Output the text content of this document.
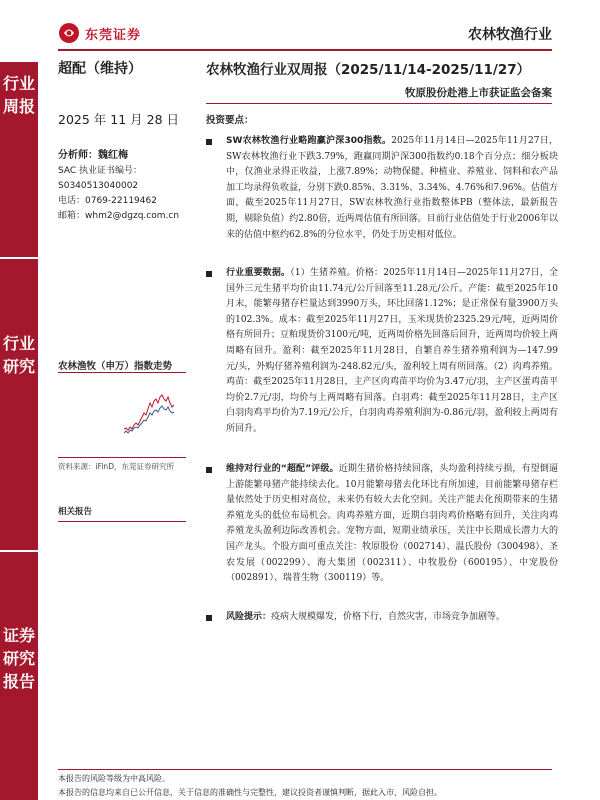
东莞证券	农林牧渔行业
行业周报
行业研究
证券研究报告
超配（维持）	农林牧渔行业双周报（2025/11/14-2025/11/27）
牧原股份赴港上市获证监会备案
2025 年 11 月 28 日
分析师：魏红梅
SAC 执业证书编号：
S0340513040002
电话：0769-22119462
邮箱：whm2@dgzq.com.cn
农林渔牧（申万）指数走势
资料来源：iFinD，东莞证券研究所
相关报告
投资要点：
SW农林牧渔行业略跑赢沪深300指数。2025年11月14日—2025年11月27日，SW农林牧渔行业下跌3.79%，跑赢同期沪深300指数约0.18个百分点；细分板块中，仅渔业录得正收益，上涨7.89%；动物保健、种植业、养殖业、饲料和农产品加工均录得负收益，分别下跌0.85%、3.31%、3.34%、4.76%和7.96%。估值方面，截至2025年11月27日，SW农林牧渔行业指数整体PB（整体法，最新报告期，剔除负值）约2.80倍，近两周估值有所回落。目前行业估值处于行业2006年以来的估值中枢约62.8%的分位水平，仍处于历史相对低位。
行业重要数据。（1）生猪养殖。价格：2025年11月14日—2025年11月27日，全国外三元生猪平均价由11.74元/公斤回落至11.28元/公斤。产能：截至2025年10月末，能繁母猪存栏量达到3990万头，环比回落1.12%；是正常保有量3900万头的102.3%。成本：截至2025年11月27日，玉米现货价2325.29元/吨，近两周价格有所回升；豆粕现货价3100元/吨，近两周价格先回落后回升，近两周均价较上两周略有回升。盈利：截至2025年11月28日，自繁自养生猪养殖利润为—147.99元/头，外购仔猪养殖利润为-248.82元/头，盈利较上周有所回落。（2）肉鸡养殖。鸡苗：截至2025年11月28日，主产区肉鸡苗平均价为3.47元/羽，主产区蛋鸡苗平均价2.7元/羽，均价与上两周略有回落。白羽鸡：截至2025年11月28日，主产区白羽肉鸡平均价为7.19元/公斤，白羽肉鸡养殖利润为-0.86元/羽，盈利较上两周有所回升。
维持对行业的“超配”评级。近期生猪价格持续回落，头均盈利持续亏损，有望倒逼上游能繁母猪产能持续去化。10月能繁母猪去化环比有所加速，目前能繁母猪存栏量依然处于历史相对高位，未来仍有较大去化空间。关注产能去化预期带来的生猪养殖龙头的低位布局机会。肉鸡养殖方面，近期白羽肉鸡价格略有回升，关注肉鸡养殖龙头盈利边际改善机会。宠物方面，短期业绩承压，关注中长期成长潜力大的国产龙头。个股方面可重点关注：牧原股份（002714）、温氏股份（300498）、圣农发展（002299）、海大集团（002311）、中牧股份（600195）、中宠股份（002891）、瑞普生物（300119）等。
风险提示：疫病大规模爆发，价格下行，自然灾害，市场竞争加剧等。
本报告的风险等级为中高风险。
本报告的信息均来自已公开信息，关于信息的准确性与完整性，建议投资者谨慎判断，据此入市，风险自担。
